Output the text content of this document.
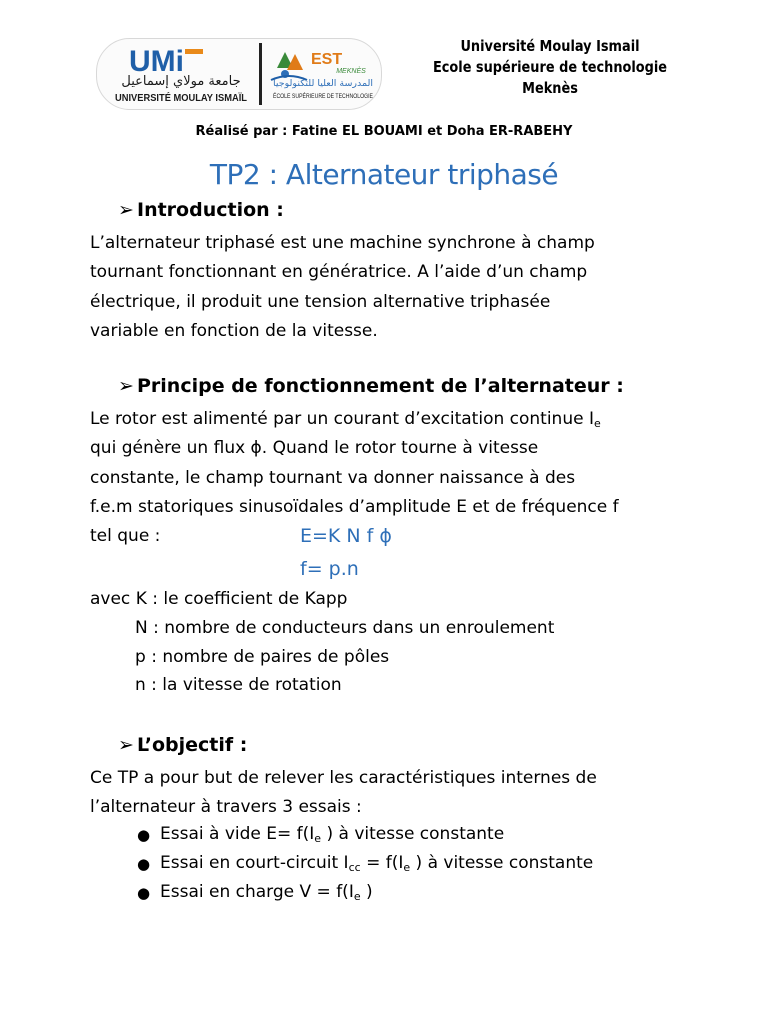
UMi
جامعة مولاي إسماعيل
UNIVERSITÉ MOULAY ISMAÏL
EST
MEKNÈS
المدرسة العليا للتكنولوجيا
ÉCOLE SUPÉRIEURE DE TECHNOLOGIE
Université Moulay Ismail
Ecole supérieure de technologie
Meknès
Réalisé par : Fatine EL BOUAMI et Doha ER-RABEHY
TP2 : Alternateur triphasé
➢ Introduction :
L’alternateur triphasé est une machine synchrone à champ
tournant fonctionnant en génératrice. A l’aide d’un champ
électrique, il produit une tension alternative triphasée
variable en fonction de la vitesse.
➢ Principe de fonctionnement de l’alternateur :
Le rotor est alimenté par un courant d’excitation continue $I_e$
qui génère un flux ϕ. Quand le rotor tourne à vitesse
constante, le champ tournant va donner naissance à des
f.e.m statoriques sinusoïdales d’amplitude E et de fréquence f
tel que :	E=K N f ϕ
f= p.n
avec K : le coefficient de Kapp
N : nombre de conducteurs dans un enroulement
p : nombre de paires de pôles
n : la vitesse de rotation
➢ L’objectif :
Ce TP a pour but de relever les caractéristiques internes de
l’alternateur à travers 3 essais :
● Essai à vide $E= f(I_e$ ) à vitesse constante
● Essai en court-circuit $I_{cc} = f(I_e$ ) à vitesse constante
● Essai en charge $V = f(I_e$ )
